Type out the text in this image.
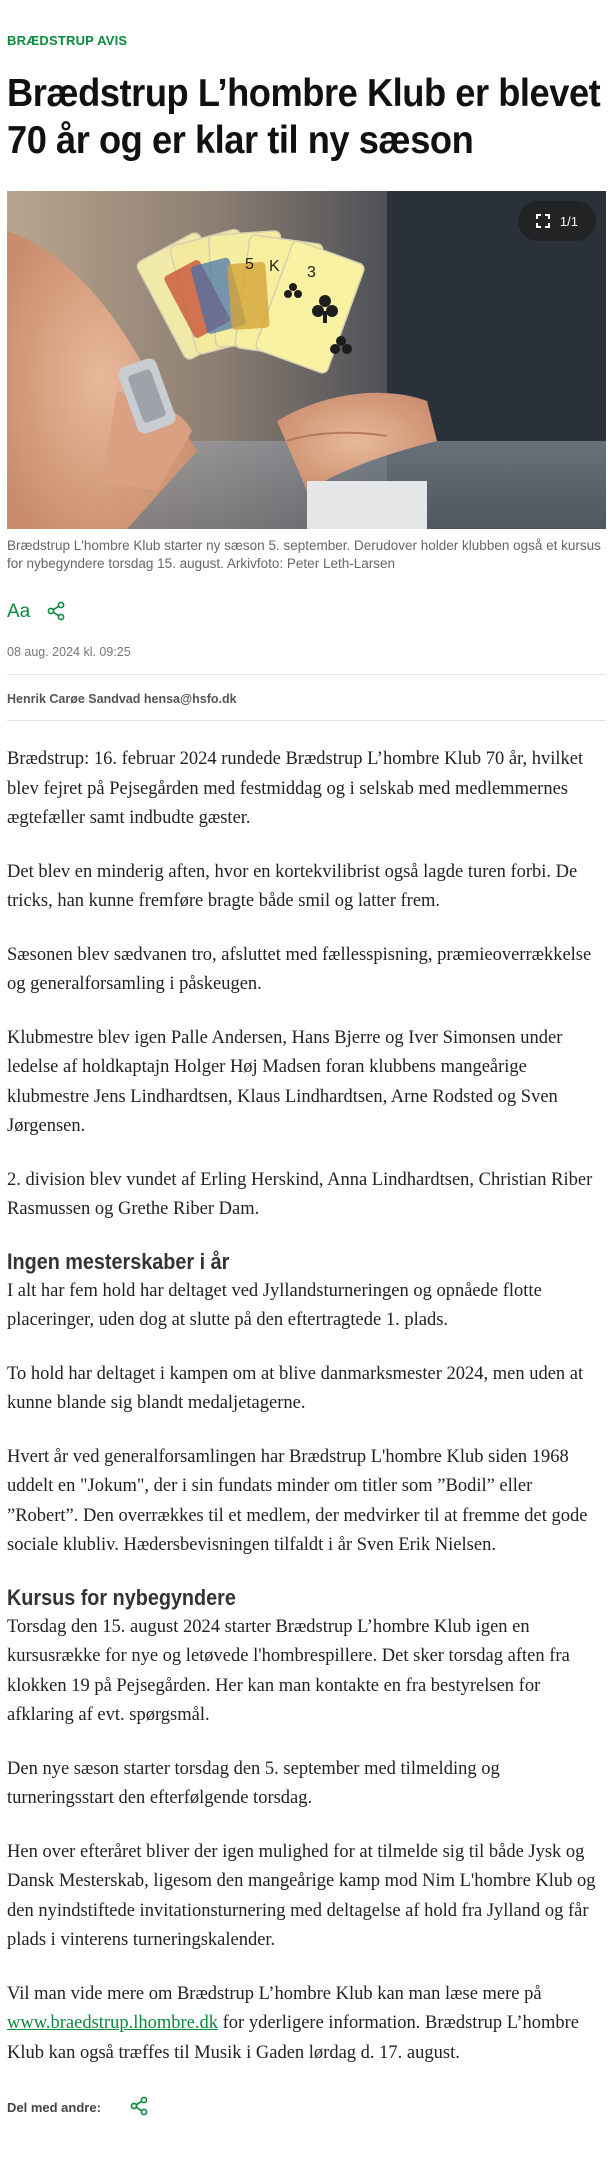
BRÆDSTRUP AVIS
Brædstrup L’hombre Klub er blevet 70 år og er klar til ny sæson
5 K 3
1/1
Brædstrup L'hombre Klub starter ny sæson 5. september. Derudover holder klubben også et kursus for nybegyndere torsdag 15. august. Arkivfoto: Peter Leth-Larsen
Aa
08 aug. 2024 kl. 09:25
Henrik Carøe Sandvad hensa@hsfo.dk

Brædstrup: 16. februar 2024 rundede Brædstrup L’hombre Klub 70 år, hvilket blev fejret på Pejsegården med festmiddag og i selskab med medlemmernes ægtefæller samt indbudte gæster.

Det blev en minderig aften, hvor en kortekvilibrist også lagde turen forbi. De tricks, han kunne fremføre bragte både smil og latter frem.

Sæsonen blev sædvanen tro, afsluttet med fællesspisning, præmieoverrækkelse og generalforsamling i påskeugen.

Klubmestre blev igen Palle Andersen, Hans Bjerre og Iver Simonsen under ledelse af holdkaptajn Holger Høj Madsen foran klubbens mangeårige klubmestre Jens Lindhardtsen, Klaus Lindhardtsen, Arne Rodsted og Sven Jørgensen.

2. division blev vundet af Erling Herskind, Anna Lindhardtsen, Christian Riber Rasmussen og Grethe Riber Dam.

Ingen mesterskaber i år

I alt har fem hold har deltaget ved Jyllandsturneringen og opnåede flotte placeringer, uden dog at slutte på den eftertragtede 1. plads.

To hold har deltaget i kampen om at blive danmarksmester 2024, men uden at kunne blande sig blandt medaljetagerne.

Hvert år ved generalforsamlingen har Brædstrup L'hombre Klub siden 1968 uddelt en "Jokum", der i sin fundats minder om titler som ”Bodil” eller ”Robert”. Den overrækkes til et medlem, der medvirker til at fremme det gode sociale klubliv. Hædersbevisningen tilfaldt i år Sven Erik Nielsen.

Kursus for nybegyndere

Torsdag den 15. august 2024 starter Brædstrup L’hombre Klub igen en kursusrække for nye og letøvede l'hombrespillere. Det sker torsdag aften fra klokken 19 på Pejsegården. Her kan man kontakte en fra bestyrelsen for afklaring af evt. spørgsmål.

Den nye sæson starter torsdag den 5. september med tilmelding og turneringsstart den efterfølgende torsdag.

Hen over efteråret bliver der igen mulighed for at tilmelde sig til både Jysk og Dansk Mesterskab, ligesom den mangeårige kamp mod Nim L'hombre Klub og den nyindstiftede invitationsturnering med deltagelse af hold fra Jylland og får plads i vinterens turneringskalender.

Vil man vide mere om Brædstrup L’hombre Klub kan man læse mere på www.braedstrup.lhombre.dk for yderligere information. Brædstrup L’hombre Klub kan også træffes til Musik i Gaden lørdag d. 17. august.

Del med andre:
